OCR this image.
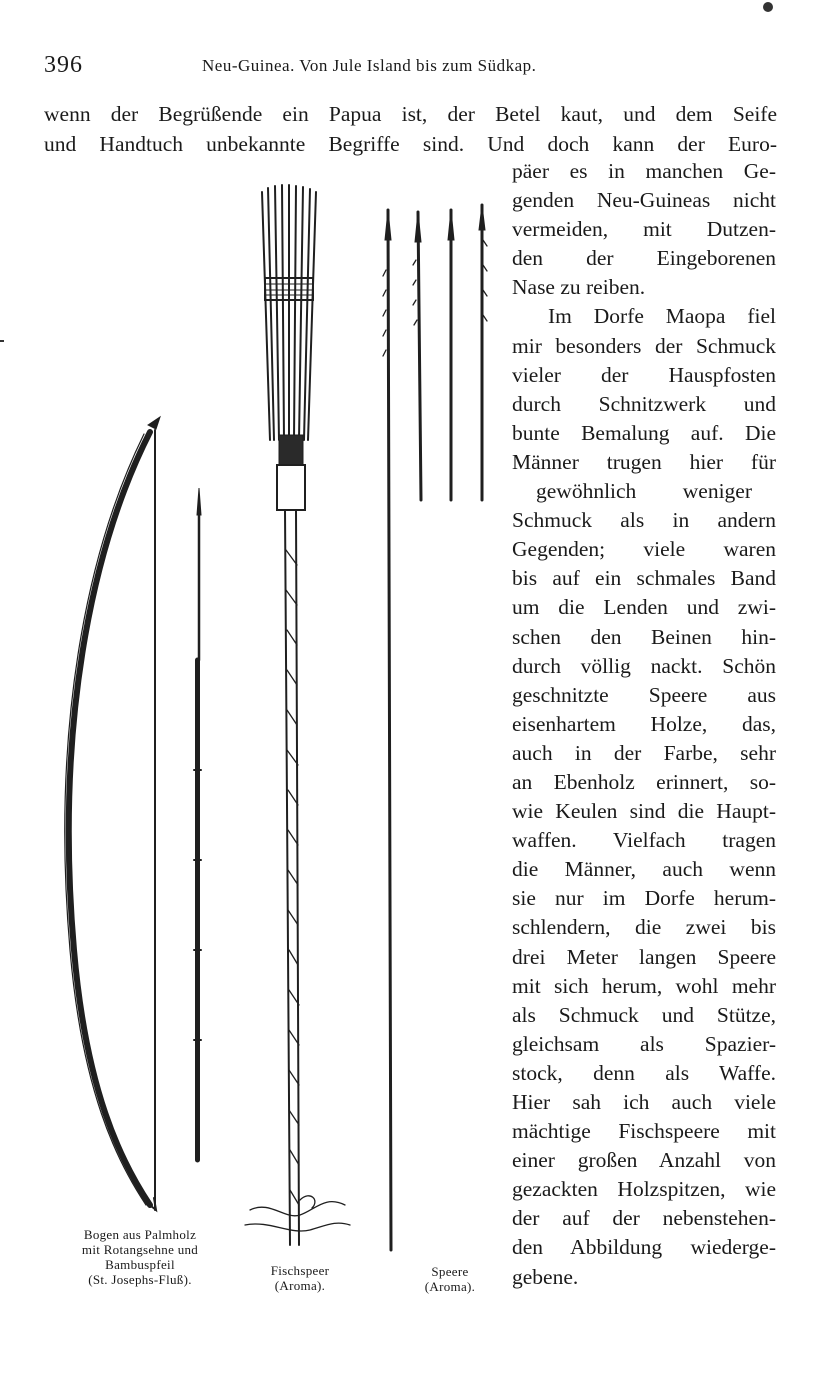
396	Neu-Guinea. Von Jule Island bis zum Südkap.
wenn der Begrüßende ein Papua ist, der Betel kaut, und dem Seife
und Handtuch unbekannte Begriffe sind. Und doch kann der Euro-
päer es in manchen Ge-
genden Neu-Guineas nicht
vermeiden, mit Dutzen-
den der Eingeborenen
Nase zu reiben.
Im Dorfe Maopa fiel
mir besonders der Schmuck
vieler der Hauspfosten
durch Schnitzwerk und
bunte Bemalung auf. Die
Männer trugen hier für
gewöhnlich weniger
Schmuck als in andern
Gegenden; viele waren
bis auf ein schmales Band
um die Lenden und zwi-
schen den Beinen hin-
durch völlig nackt. Schön
geschnitzte Speere aus
eisenhartem Holze, das,
auch in der Farbe, sehr
an Ebenholz erinnert, so-
wie Keulen sind die Haupt-
waffen. Vielfach tragen
die Männer, auch wenn
sie nur im Dorfe herum-
schlendern, die zwei bis
drei Meter langen Speere
mit sich herum, wohl mehr
als Schmuck und Stütze,
gleichsam als Spazier-
stock, denn als Waffe.
Hier sah ich auch viele
mächtige Fischspeere mit
einer großen Anzahl von
gezackten Holzspitzen, wie
der auf der nebenstehen-
den Abbildung wiederge-
gebene.
Bogen aus Palmholz
mit Rotangsehne und
Bambuspfeil
(St. Josephs-Fluß).
Fischspeer
(Aroma).
Speere
(Aroma).
